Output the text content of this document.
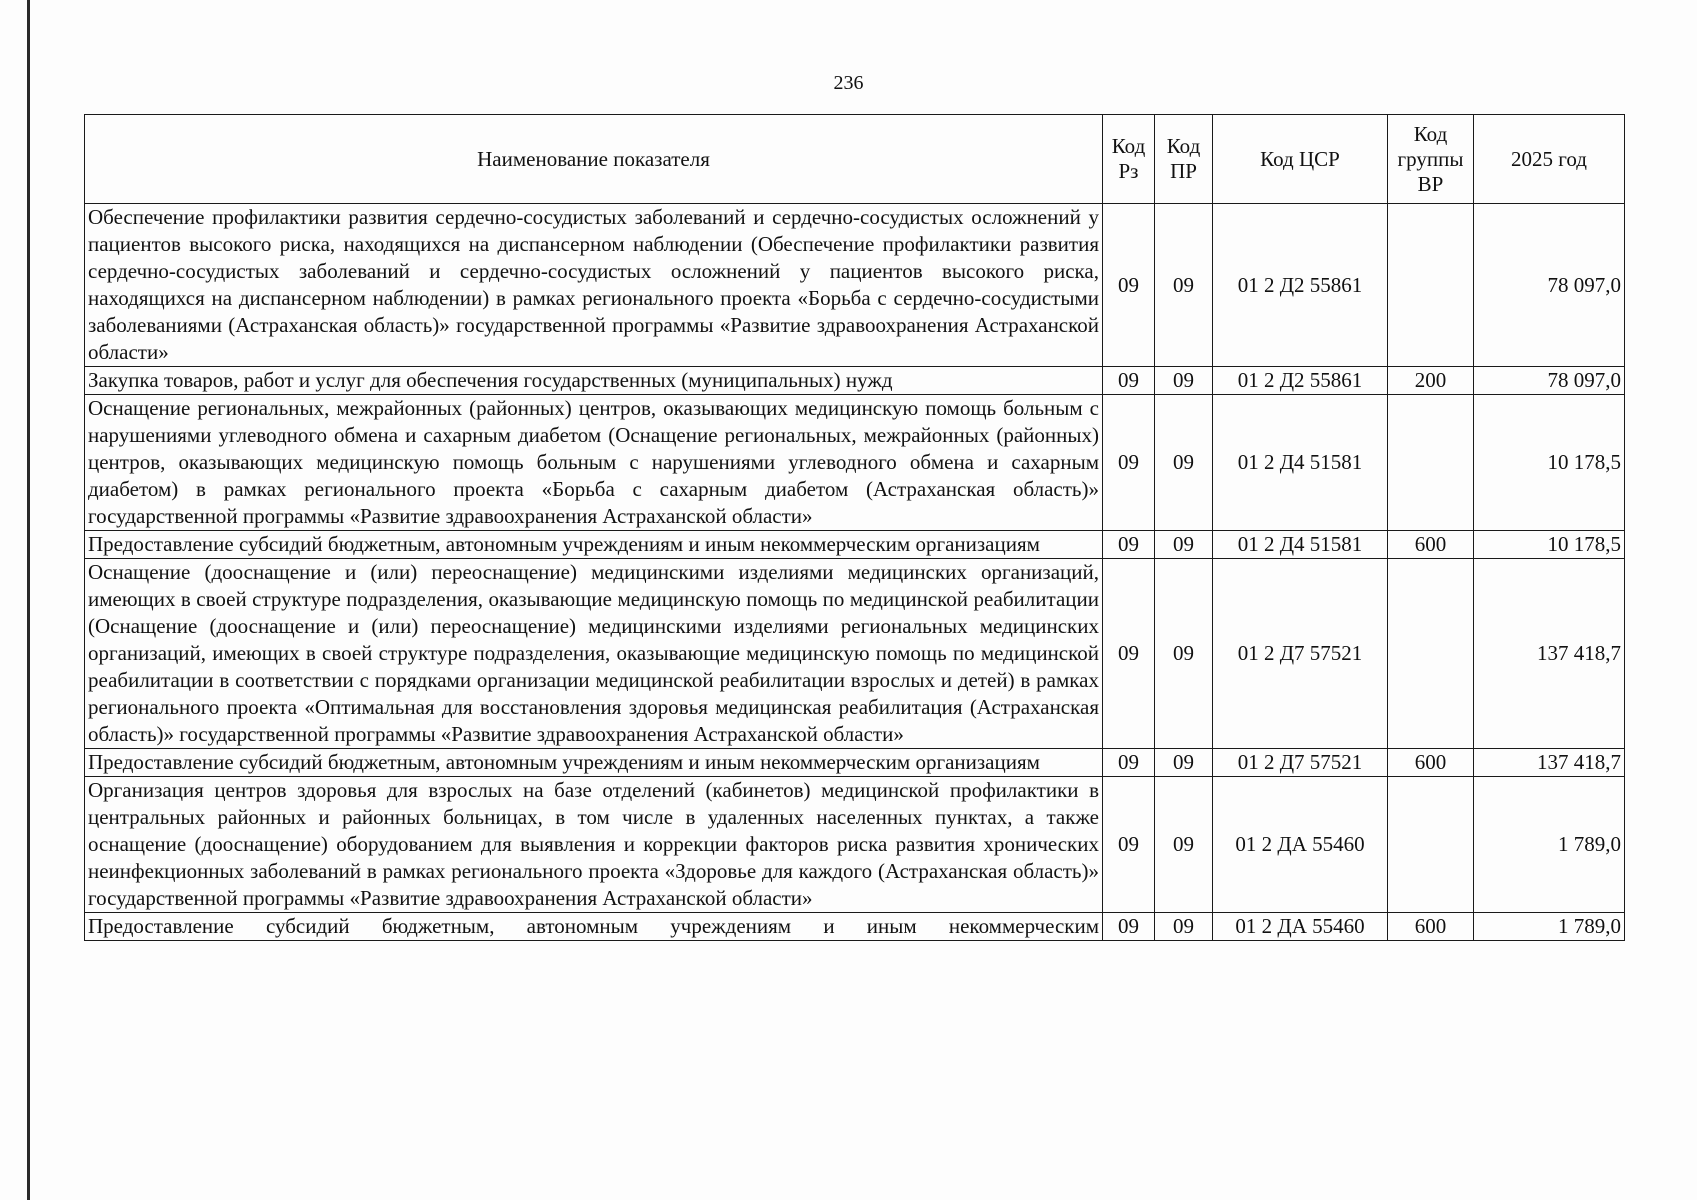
236
Наименование показателя	Код Рз	Код ПР	Код ЦСР	Код группы ВР	2025 год
Обеспечение профилактики развития сердечно-сосудистых заболеваний и сердечно-сосудистых осложнений у пациентов высокого риска, находящихся на диспансерном наблюдении (Обеспечение профилактики развития сердечно-сосудистых заболеваний и сердечно-сосудистых осложнений у пациентов высокого риска, находящихся на диспансерном наблюдении) в рамках регионального проекта «Борьба с сердечно-сосудистыми заболеваниями (Астраханская область)» государственной программы «Развитие здравоохранения Астраханской области»	09	09	01 2 Д2 55861		78 097,0
Закупка товаров, работ и услуг для обеспечения государственных (муниципальных) нужд	09	09	01 2 Д2 55861	200	78 097,0
Оснащение региональных, межрайонных (районных) центров, оказывающих медицинскую помощь больным с нарушениями углеводного обмена и сахарным диабетом (Оснащение региональных, межрайонных (районных) центров, оказывающих медицинскую помощь больным с нарушениями углеводного обмена и сахарным диабетом) в рамках регионального проекта «Борьба с сахарным диабетом (Астраханская область)» государственной программы «Развитие здравоохранения Астраханской области»	09	09	01 2 Д4 51581		10 178,5
Предоставление субсидий бюджетным, автономным учреждениям и иным некоммерческим организациям	09	09	01 2 Д4 51581	600	10 178,5
Оснащение (дооснащение и (или) переоснащение) медицинскими изделиями медицинских организаций, имеющих в своей структуре подразделения, оказывающие медицинскую помощь по медицинской реабилитации (Оснащение (дооснащение и (или) переоснащение) медицинскими изделиями региональных медицинских организаций, имеющих в своей структуре подразделения, оказывающие медицинскую помощь по медицинской реабилитации в соответствии с порядками организации медицинской реабилитации взрослых и детей) в рамках регионального проекта «Оптимальная для восстановления здоровья медицинская реабилитация (Астраханская область)» государственной программы «Развитие здравоохранения Астраханской области»	09	09	01 2 Д7 57521		137 418,7
Предоставление субсидий бюджетным, автономным учреждениям и иным некоммерческим организациям	09	09	01 2 Д7 57521	600	137 418,7
Организация центров здоровья для взрослых на базе отделений (кабинетов) медицинской профилактики в центральных районных и районных больницах, в том числе в удаленных населенных пунктах, а также оснащение (дооснащение) оборудованием для выявления и коррекции факторов риска развития хронических неинфекционных заболеваний в рамках регионального проекта «Здоровье для каждого (Астраханская область)» государственной программы «Развитие здравоохранения Астраханской области»	09	09	01 2 ДА 55460		1 789,0
Предоставление субсидий бюджетным, автономным учреждениям и иным некоммерческим	09	09	01 2 ДА 55460	600	1 789,0
